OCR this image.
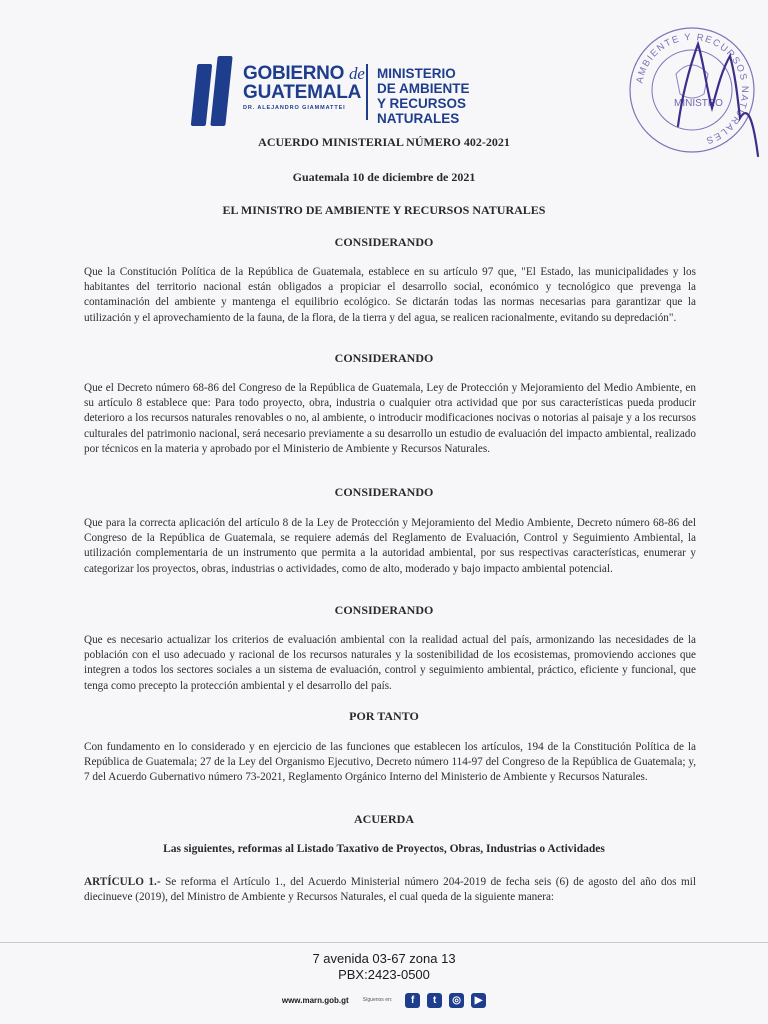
GOBIERNO de
GUATEMALA
DR. ALEJANDRO GIAMMATTEI
MINISTERIO
DE AMBIENTE
Y RECURSOS
NATURALES
AMBIENTE Y RECURSOS NATURALES
MINISTRO
ACUERDO MINISTERIAL NÚMERO 402-2021
Guatemala 10 de diciembre de 2021
EL MINISTRO DE AMBIENTE Y RECURSOS NATURALES
CONSIDERANDO
Que la Constitución Política de la República de Guatemala, establece en su artículo 97 que, "El Estado, las municipalidades y los habitantes del territorio nacional están obligados a propiciar el desarrollo social, económico y tecnológico que prevenga la contaminación del ambiente y mantenga el equilibrio ecológico. Se dictarán todas las normas necesarias para garantizar que la utilización y el aprovechamiento de la fauna, de la flora, de la tierra y del agua, se realicen racionalmente, evitando su depredación".
CONSIDERANDO
Que el Decreto número 68-86 del Congreso de la República de Guatemala, Ley de Protección y Mejoramiento del Medio Ambiente, en su artículo 8 establece que: Para todo proyecto, obra, industria o cualquier otra actividad que por sus características pueda producir deterioro a los recursos naturales renovables o no, al ambiente, o introducir modificaciones nocivas o notorias al paisaje y a los recursos culturales del patrimonio nacional, será necesario previamente a su desarrollo un estudio de evaluación del impacto ambiental, realizado por técnicos en la materia y aprobado por el Ministerio de Ambiente y Recursos Naturales.
CONSIDERANDO
Que para la correcta aplicación del artículo 8 de la Ley de Protección y Mejoramiento del Medio Ambiente, Decreto número 68-86 del Congreso de la República de Guatemala, se requiere además del Reglamento de Evaluación, Control y Seguimiento Ambiental, la utilización complementaria de un instrumento que permita a la autoridad ambiental, por sus respectivas características, enumerar y categorizar los proyectos, obras, industrias o actividades, como de alto, moderado y bajo impacto ambiental potencial.
CONSIDERANDO
Que es necesario actualizar los criterios de evaluación ambiental con la realidad actual del país, armonizando las necesidades de la población con el uso adecuado y racional de los recursos naturales y la sostenibilidad de los ecosistemas, promoviendo acciones que integren a todos los sectores sociales a un sistema de evaluación, control y seguimiento ambiental, práctico, eficiente y funcional, que tenga como precepto la protección ambiental y el desarrollo del país.
POR TANTO
Con fundamento en lo considerado y en ejercicio de las funciones que establecen los artículos, 194 de la Constitución Política de la República de Guatemala; 27 de la Ley del Organismo Ejecutivo, Decreto número 114-97 del Congreso de la República de Guatemala; y, 7 del Acuerdo Gubernativo número 73-2021, Reglamento Orgánico Interno del Ministerio de Ambiente y Recursos Naturales.
ACUERDA
Las siguientes, reformas al Listado Taxativo de Proyectos, Obras, Industrias o Actividades
ARTÍCULO 1.- Se reforma el Artículo 1., del Acuerdo Ministerial número 204-2019 de fecha seis (6) de agosto del año dos mil diecinueve (2019), del Ministro de Ambiente y Recursos Naturales, el cual queda de la siguiente manera:
7 avenida 03-67 zona 13
PBX:2423-0500
www.marn.gob.gt	Síguenos en: f t ◎ ▶
